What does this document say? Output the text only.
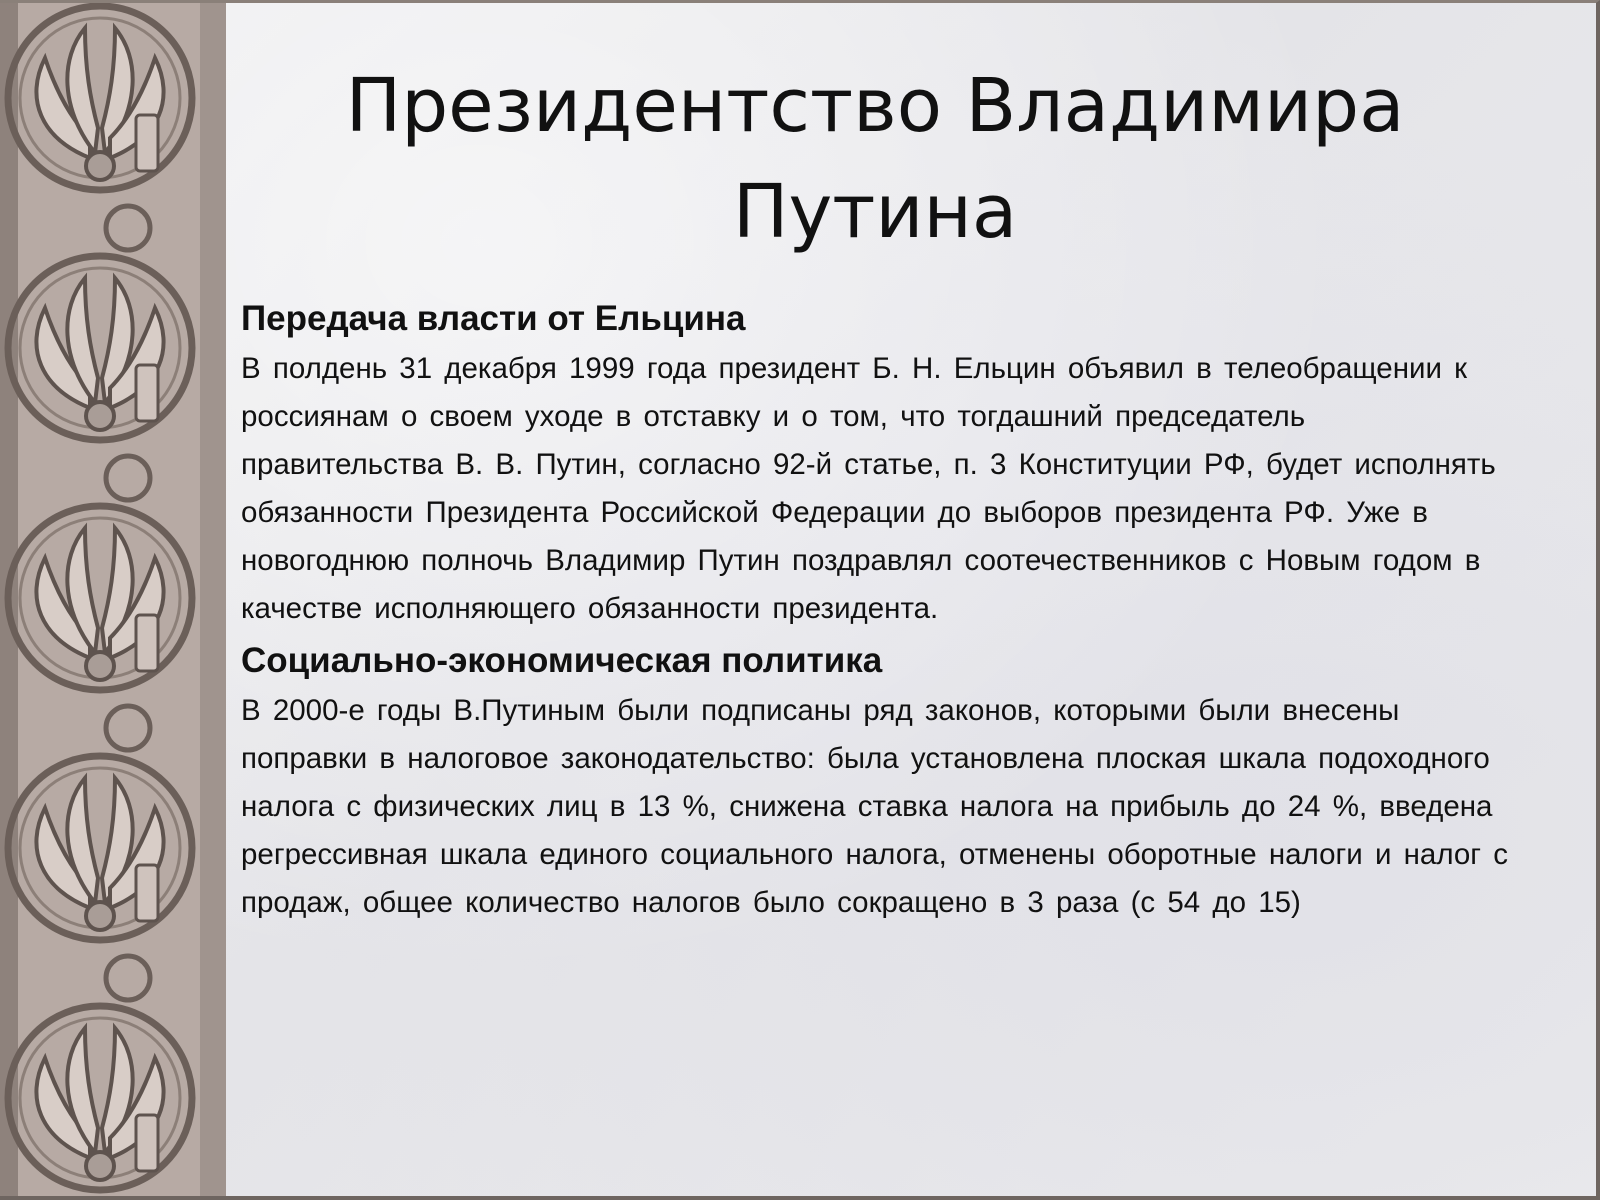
Президентство Владимира Путина

Передача власти от Ельцина

В полдень 31 декабря 1999 года президент Б. Н. Ельцин объявил в телеобращении к россиянам о своем уходе в отставку и о том, что тогдашний председатель правительства В. В. Путин, согласно 92-й статье, п. 3 Конституции РФ, будет исполнять обязанности Президента Российской Федерации до выборов президента РФ. Уже в новогоднюю полночь Владимир Путин поздравлял соотечественников с Новым годом в качестве исполняющего обязанности президента.

Социально-экономическая политика

В 2000-е годы В.Путиным были подписаны ряд законов, которыми были внесены поправки в налоговое законодательство: была установлена плоская шкала подоходного налога с физических лиц в 13 %, снижена ставка налога на прибыль до 24 %, введена регрессивная шкала единого социального налога, отменены оборотные налоги и налог с продаж, общее количество налогов было сокращено в 3 раза (с 54 до 15)
